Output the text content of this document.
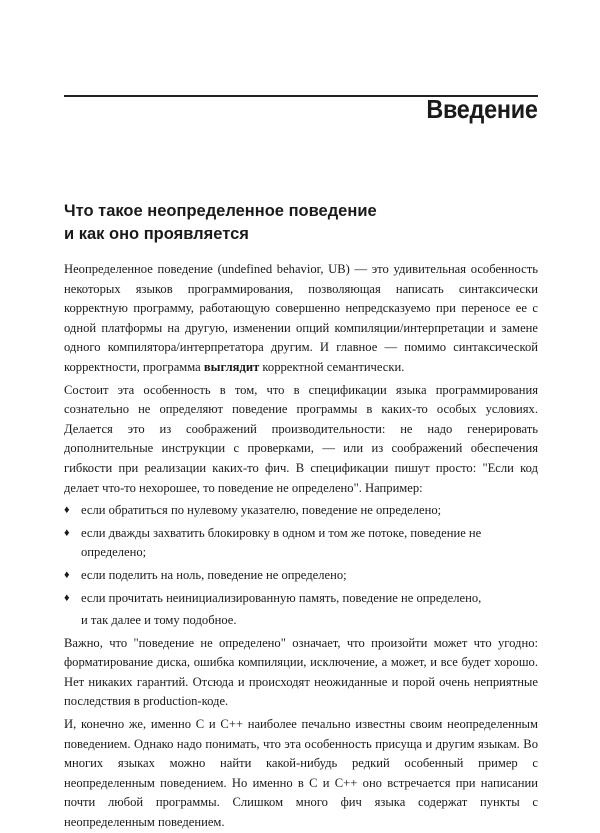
Введение
Что такое неопределенное поведение
и как оно проявляется

Неопределенное поведение (undefined behavior, UB) — это удивительная особенность некоторых языков программирования, позволяющая написать синтаксически корректную программу, работающую совершенно непредсказуемо при переносе ее с одной платформы на другую, изменении опций компиляции/интерпретации и замене одного компилятора/интерпретатора другим. И главное — помимо синтаксической корректности, программа выглядит корректной семантически.

Состоит эта особенность в том, что в спецификации языка программирования сознательно не определяют поведение программы в каких-то особых условиях. Делается это из соображений производительности: не надо генерировать дополнительные инструкции с проверками, — или из соображений обеспечения гибкости при реализации каких-то фич. В спецификации пишут просто: "Если код делает что-то нехорошее, то поведение не определено". Например:

♦ если обратиться по нулевому указателю, поведение не определено;
♦ если дважды захватить блокировку в одном и том же потоке, поведение не определено;
♦ если поделить на ноль, поведение не определено;
♦ если прочитать неинициализированную память, поведение не определено,

и так далее и тому подобное.

Важно, что "поведение не определено" означает, что произойти может что угодно: форматирование диска, ошибка компиляции, исключение, а может, и все будет хорошо. Нет никаких гарантий. Отсюда и происходят неожиданные и порой очень неприятные последствия в production-коде.

И, конечно же, именно C и C++ наиболее печально известны своим неопределенным поведением. Однако надо понимать, что эта особенность присуща и другим языкам. Во многих языках можно найти какой-нибудь редкий особенный пример с неопределенным поведением. Но именно в C и C++ оно встречается при написании почти любой программы. Слишком много фич языка содержат пункты с неопределенным поведением.
